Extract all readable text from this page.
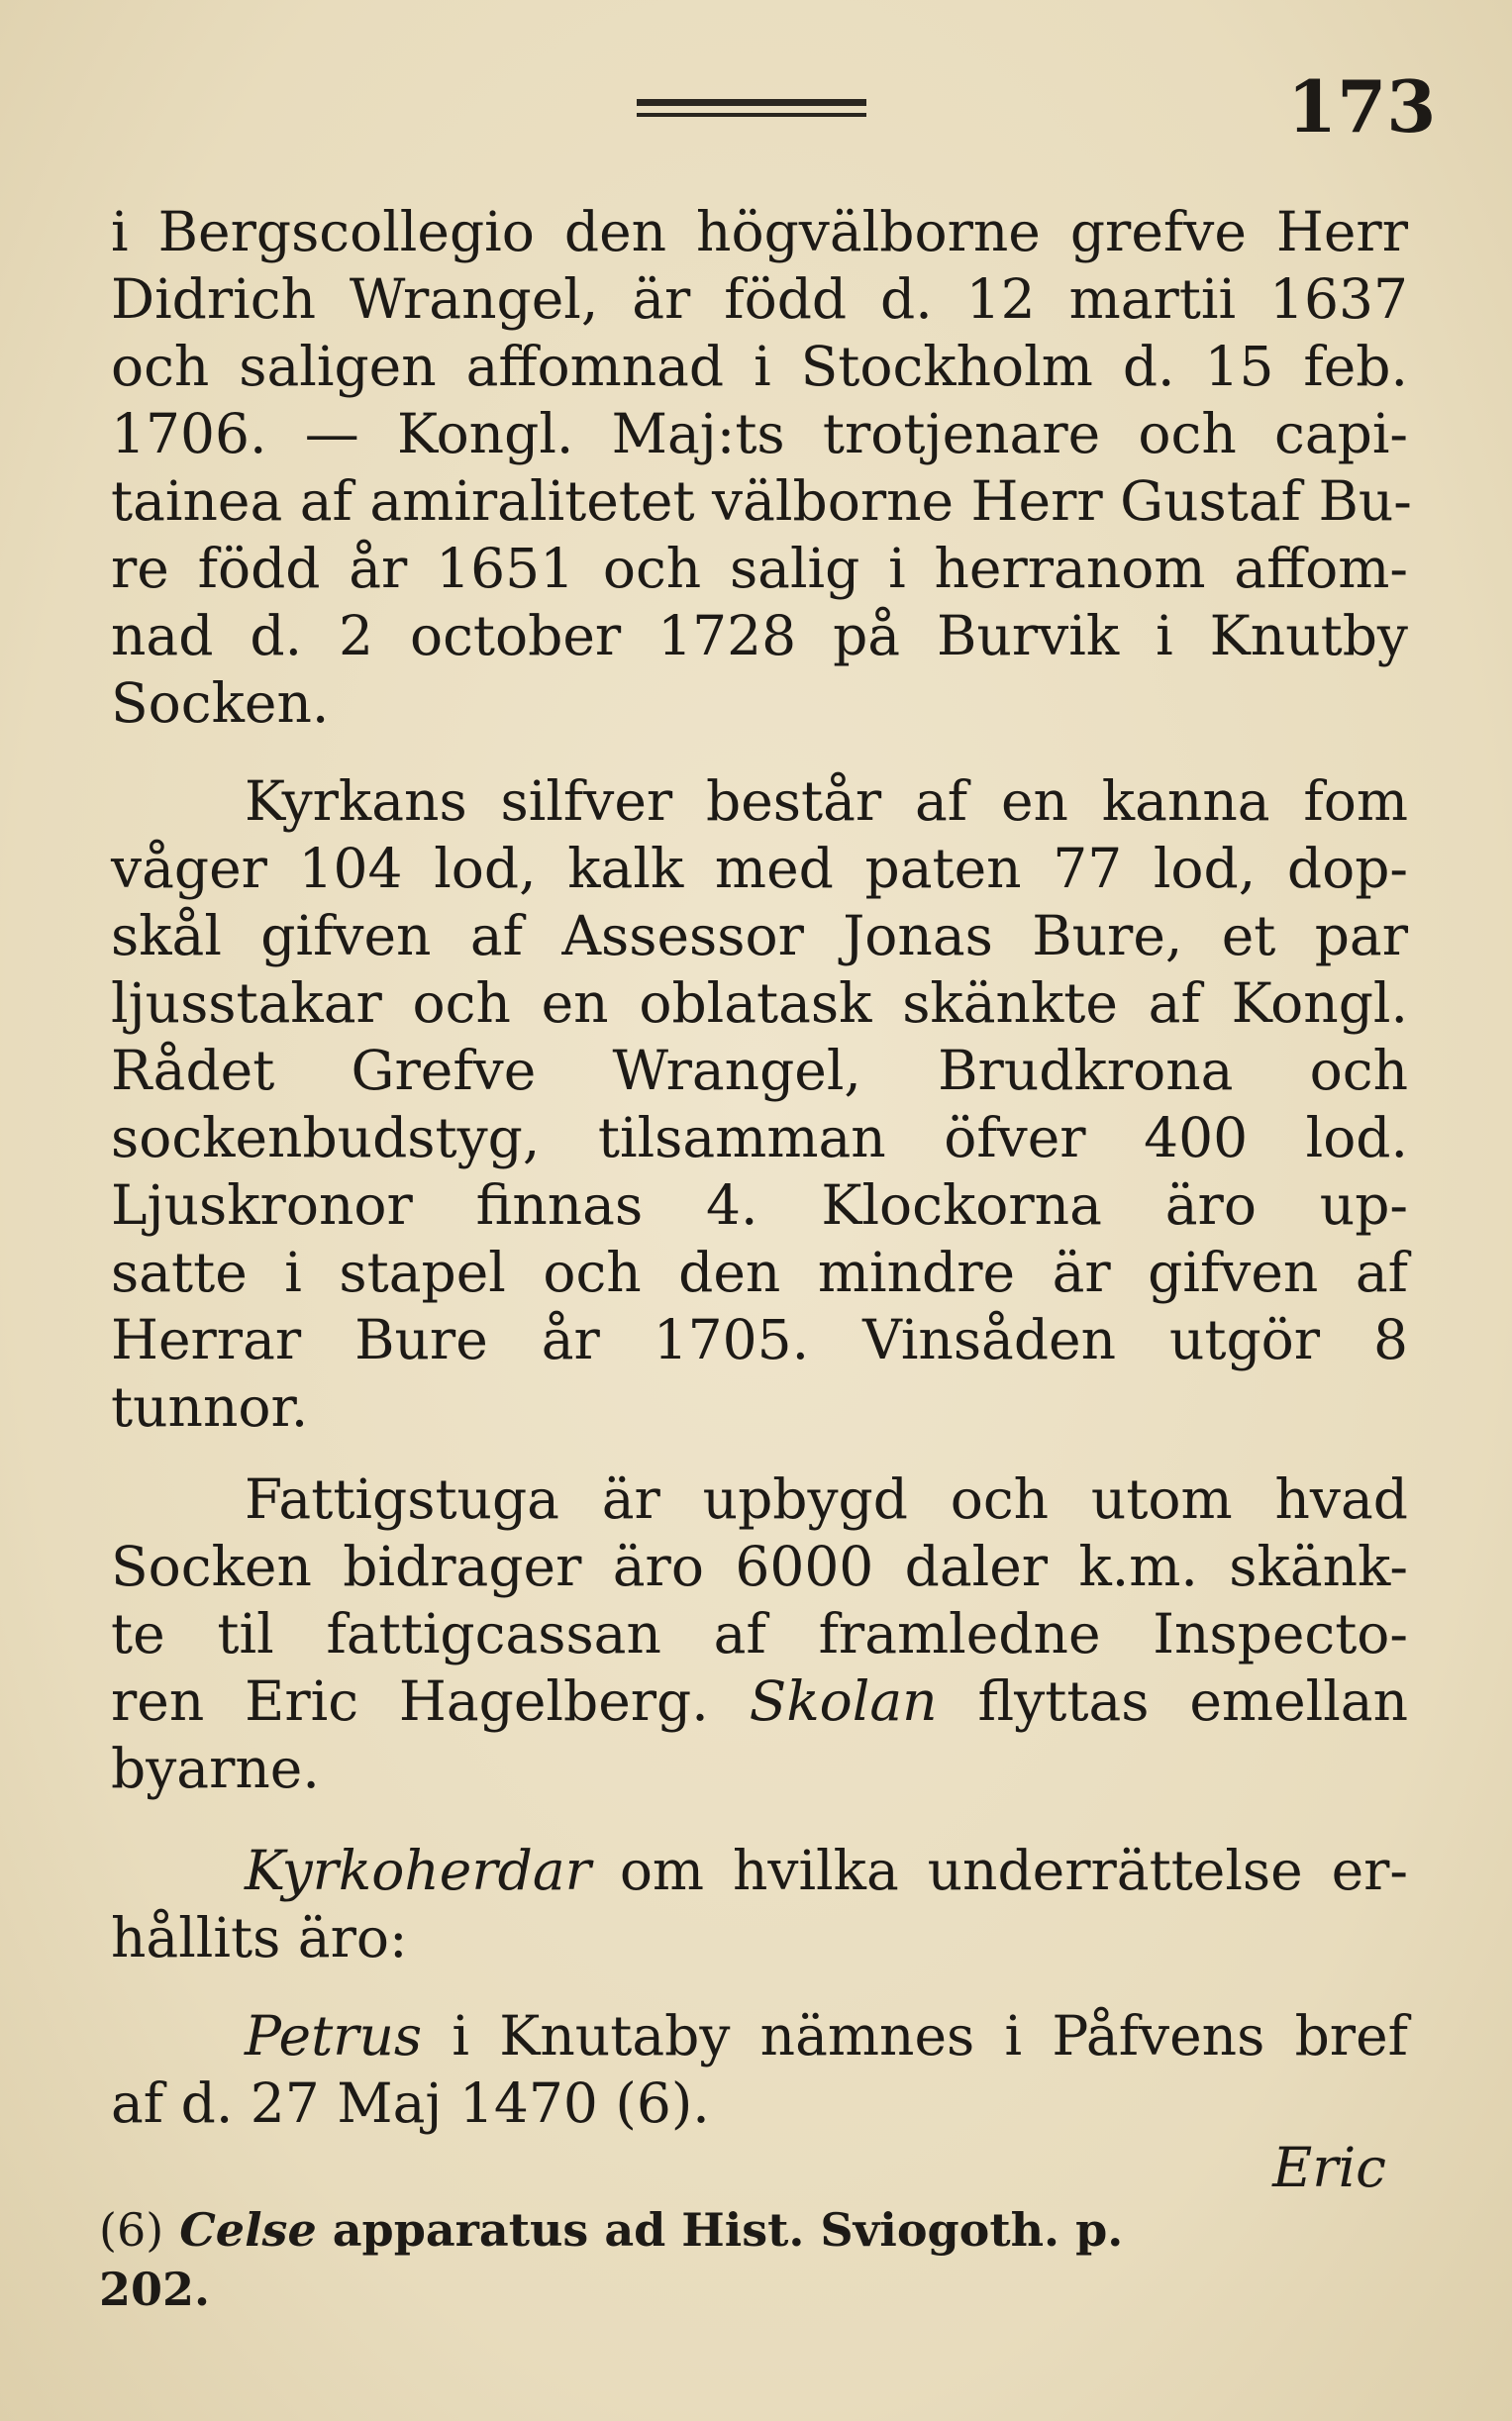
173
i Bergscollegio den högvälborne grefve Herr
Didrich Wrangel, är född d. 12 martii 1637
och saligen affomnad i Stockholm d. 15 feb.
1706. — Kongl. Maj:ts trotjenare och capi-
tainea af amiralitetet välborne Herr Gustaf Bu-
re född år 1651 och salig i herranom affom-
nad d. 2 october 1728 på Burvik i Knutby
Socken.
Kyrkans silfver består af en kanna fom
våger 104 lod, kalk med paten 77 lod, dop-
skål gifven af Assessor Jonas Bure, et par
ljusstakar och en oblatask skänkte af Kongl.
Rådet Grefve Wrangel, Brudkrona och
sockenbudstyg, tilsamman öfver 400 lod.
Ljuskronor finnas 4. Klockorna äro up-
satte i stapel och den mindre är gifven af
Herrar Bure år 1705. Vinsåden utgör 8
tunnor.
Fattigstuga är upbygd och utom hvad
Socken bidrager äro 6000 daler k.m. skänk-
te til fattigcassan af framledne Inspecto-
ren Eric Hagelberg. Skolan flyttas emellan
byarne.
Kyrkoherdar om hvilka underrättelse er-
hållits äro:
Petrus i Knutaby nämnes i Påfvens bref
af d. 27 Maj 1470 (6).
Eric
(6) Celse apparatus ad Hist. Sviogoth. p. 202.
